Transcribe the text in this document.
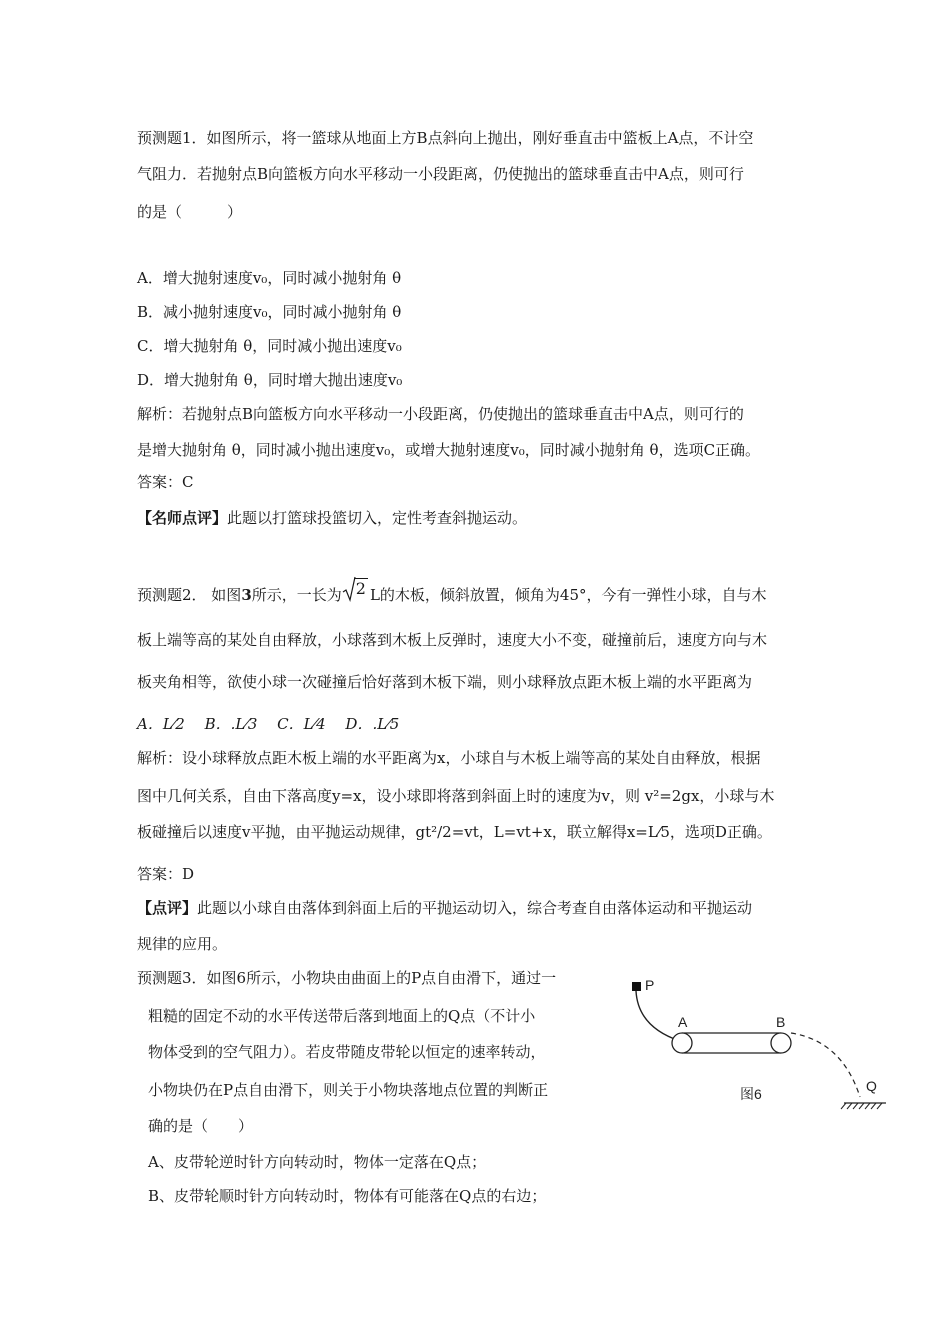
预测题1．如图所示，将一篮球从地面上方B点斜向上抛出，刚好垂直击中篮板上A点，不计空
气阻力．若抛射点B向篮板方向水平移动一小段距离，仍使抛出的篮球垂直击中A点，则可行
的是（　　　）
A．增大抛射速度v₀，同时减小抛射角 θ
B．减小抛射速度v₀，同时减小抛射角 θ
C．增大抛射角 θ，同时减小抛出速度v₀
D．增大抛射角 θ，同时增大抛出速度v₀
解析：若抛射点B向篮板方向水平移动一小段距离，仍使抛出的篮球垂直击中A点，则可行的
是增大抛射角 θ，同时减小抛出速度v₀，或增大抛射速度v₀，同时减小抛射角 θ，选项C正确。
答案：C
【名师点评】此题以打篮球投篮切入，定性考查斜抛运动。
预测题2． 如图3所示，一长为 2 L的木板，倾斜放置，倾角为45°，今有一弹性小球，自与木
板上端等高的某处自由释放，小球落到木板上反弹时，速度大小不变，碰撞前后，速度方向与木
板夹角相等，欲使小球一次碰撞后恰好落到木板下端，则小球释放点距木板上端的水平距离为
A．L⁄2　 B．.L⁄3　 C．L⁄4　 D．.L⁄5
解析：设小球释放点距木板上端的水平距离为x，小球自与木板上端等高的某处自由释放，根据
图中几何关系，自由下落高度y=x，设小球即将落到斜面上时的速度为v，则 v²=2gx，小球与木
板碰撞后以速度v平抛，由平抛运动规律，gt²/2=vt，L=vt+x，联立解得x=L⁄5，选项D正确。
答案：D
【点评】此题以小球自由落体到斜面上后的平抛运动切入，综合考查自由落体运动和平抛运动
规律的应用。
预测题3．如图6所示，小物块由曲面上的P点自由滑下，通过一
粗糙的固定不动的水平传送带后落到地面上的Q点（不计小
物体受到的空气阻力）。若皮带随皮带轮以恒定的速率转动，
小物块仍在P点自由滑下，则关于小物块落地点位置的判断正
确的是（　　）
A、皮带轮逆时针方向转动时，物体一定落在Q点；
B、皮带轮顺时针方向转动时，物体有可能落在Q点的右边；
P
A	B
Q
图6
